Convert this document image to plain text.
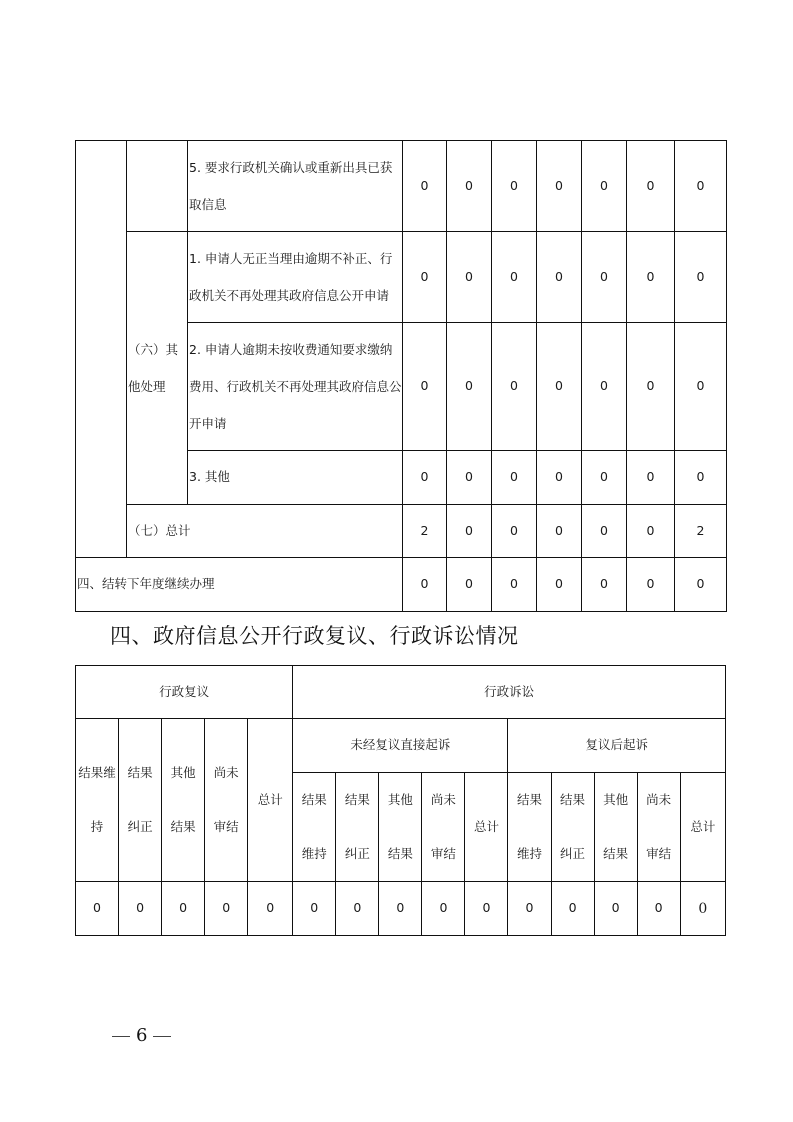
		5. 要求行政机关确认或重新出具已获取信息	0	0	0	0	0	0	0
	（六）其他处理	1. 申请人无正当理由逾期不补正、行政机关不再处理其政府信息公开申请	0	0	0	0	0	0	0
		2. 申请人逾期未按收费通知要求缴纳费用、行政机关不再处理其政府信息公开申请	0	0	0	0	0	0	0
		3. 其他	0	0	0	0	0	0	0
	（七）总计		2	0	0	0	0	0	2
四、结转下年度继续办理			0	0	0	0	0	0	0
四、政府信息公开行政复议、行政诉讼情况
行政复议					行政诉讼									
结果维持	结果纠正	其他结果	尚未审结	总计	未经复议直接起诉					复议后起诉				
					结果维持	结果纠正	其他结果	尚未审结	总计	结果维持	结果纠正	其他结果	尚未审结	总计
0	0	0	0	0	0	0	0	0	0	0	0	0	0	0
6
